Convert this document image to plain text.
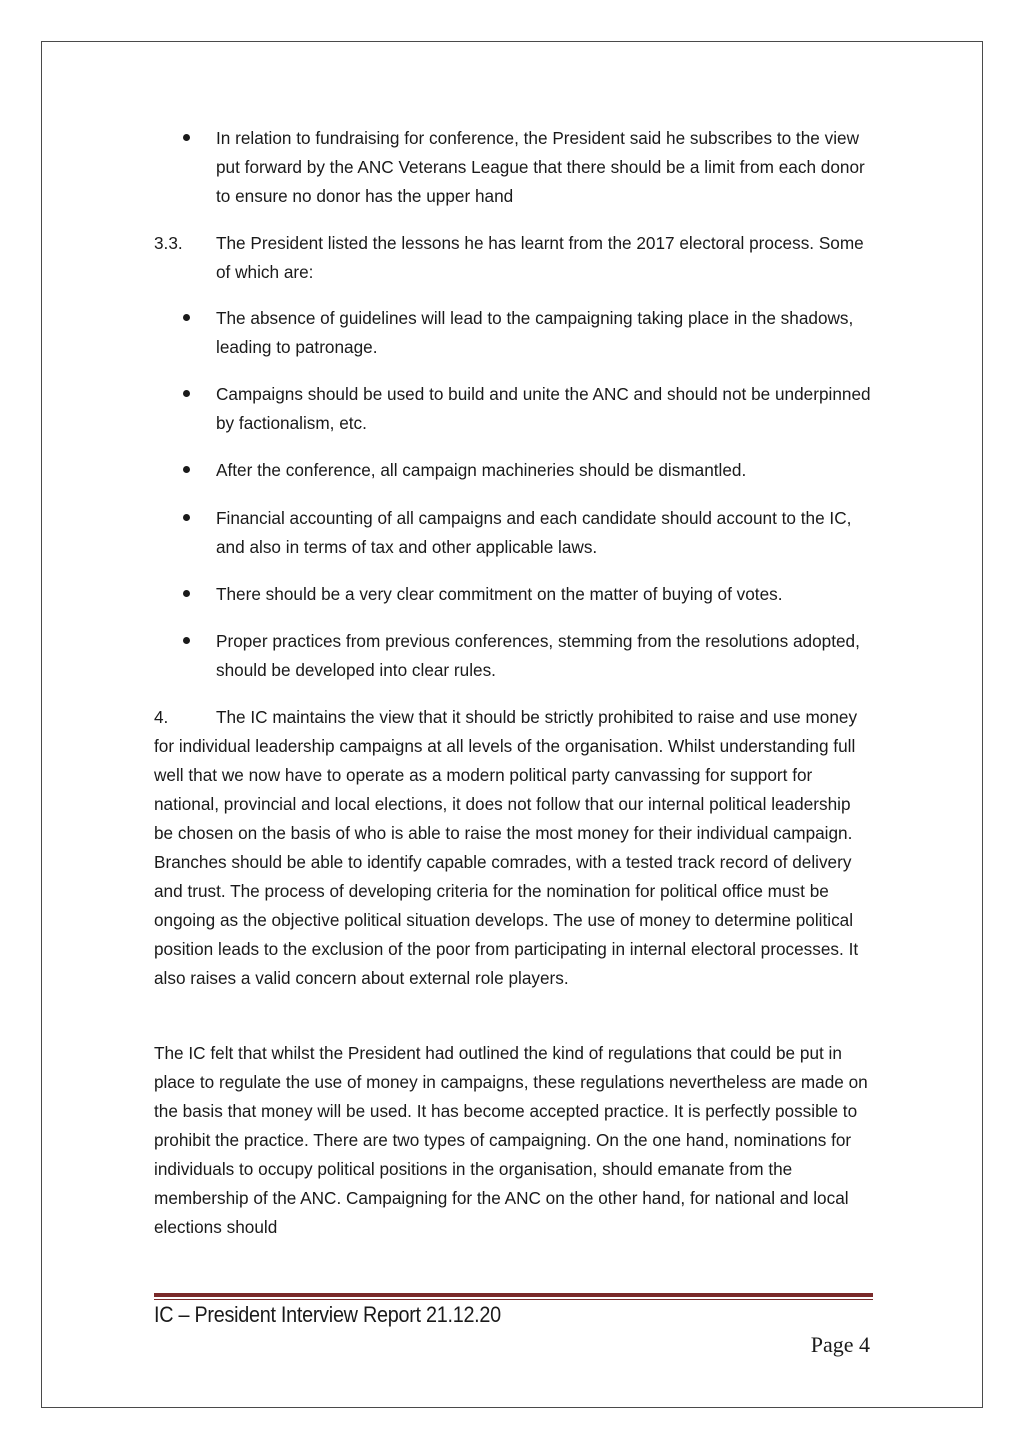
In relation to fundraising for conference, the President said he subscribes to the view put forward by the ANC Veterans League that there should be a limit from each donor to ensure no donor has the upper hand
3.3. The President listed the lessons he has learnt from the 2017 electoral process. Some of which are:
The absence of guidelines will lead to the campaigning taking place in the shadows, leading to patronage.
Campaigns should be used to build and unite the ANC and should not be underpinned by factionalism, etc.
After the conference, all campaign machineries should be dismantled.
Financial accounting of all campaigns and each candidate should account to the IC, and also in terms of tax and other applicable laws.
There should be a very clear commitment on the matter of buying of votes.
Proper practices from previous conferences, stemming from the resolutions adopted, should be developed into clear rules.
4.	The IC maintains the view that it should be strictly prohibited to raise and use money for individual leadership campaigns at all levels of the organisation. Whilst understanding full well that we now have to operate as a modern political party canvassing for support for national, provincial and local elections, it does not follow that our internal political leadership be chosen on the basis of who is able to raise the most money for their individual campaign. Branches should be able to identify capable comrades, with a tested track record of delivery and trust. The process of developing criteria for the nomination for political office must be ongoing as the objective political situation develops. The use of money to determine political position leads to the exclusion of the poor from participating in internal electoral processes. It also raises a valid concern about external role players.
The IC felt that whilst the President had outlined the kind of regulations that could be put in place to regulate the use of money in campaigns, these regulations nevertheless are made on the basis that money will be used. It has become accepted practice. It is perfectly possible to prohibit the practice. There are two types of campaigning. On the one hand, nominations for individuals to occupy political positions in the organisation, should emanate from the membership of the ANC. Campaigning for the ANC on the other hand, for national and local elections should
IC – President Interview Report 21.12.20
Page 4
